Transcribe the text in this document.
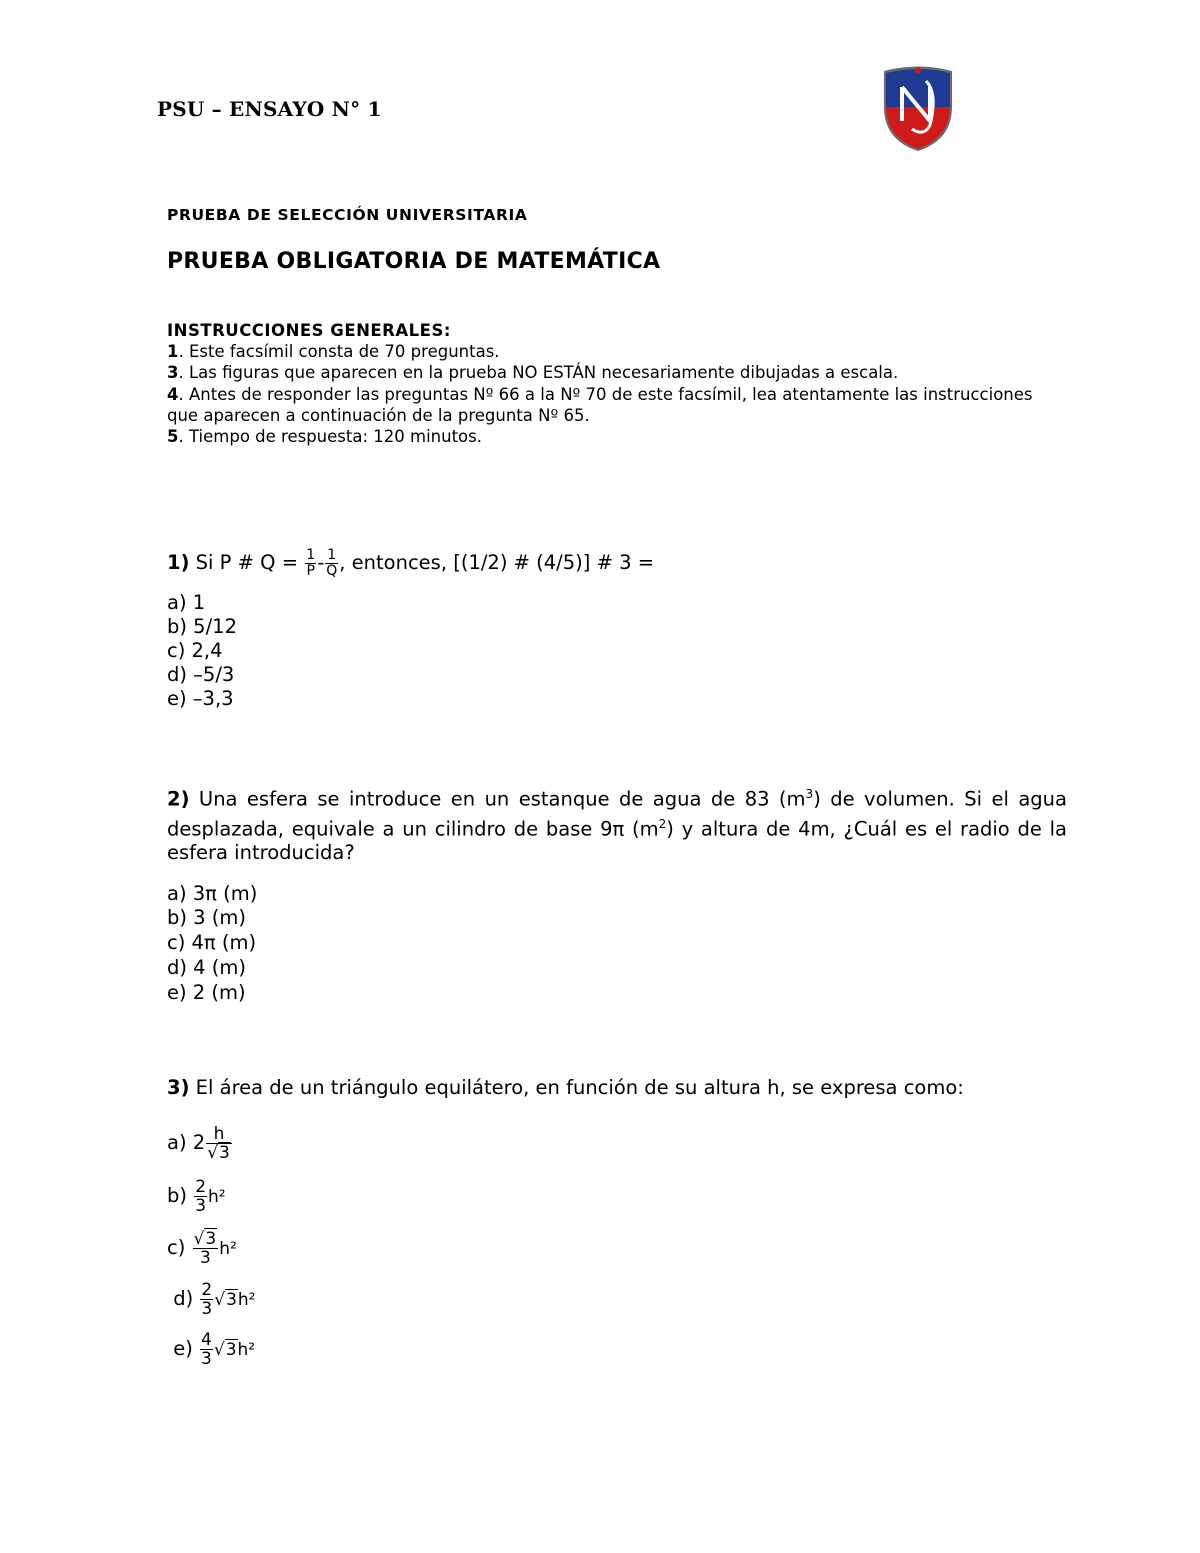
PSU – ENSAYO N° 1
PRUEBA DE SELECCIÓN UNIVERSITARIA
PRUEBA OBLIGATORIA DE MATEMÁTICA
INSTRUCCIONES GENERALES:
1. Este facsímil consta de 70 preguntas.
3. Las figuras que aparecen en la prueba NO ESTÁN necesariamente dibujadas a escala.
4. Antes de responder las preguntas Nº 66 a la Nº 70 de este facsímil, lea atentamente las instrucciones que aparecen a continuación de la pregunta Nº 65.
5. Tiempo de respuesta: 120 minutos.
1) Si P # $Q = \frac{1}{P} - \frac{1}{Q}$ , entonces, [(1/2) # (4/5)] # 3 =
a) 1
b) 5/12
c) 2,4
d) –5/3
e) –3,3
2) Una esfera se introduce en un estanque de agua de 83 $(m^3)$ de volumen. Si el agua desplazada, equivale a un cilindro de base 9π $(m^2)$ y altura de 4m, ¿Cuál es el radio de la esfera introducida?
a) 3π (m)
b) 3 (m)
c) 4π (m)
d) 4 (m)
e) 2 (m)
3) El área de un triángulo equilátero, en función de su altura h, se expresa como:
a) $2 \frac{h}{√3}$
$b) \frac{2}{3} h^2$
$c) \frac{√3}{3} h^2$
$d) \frac{2}{3} √3h^2$
$e) \frac{4}{3} √3h^2$
